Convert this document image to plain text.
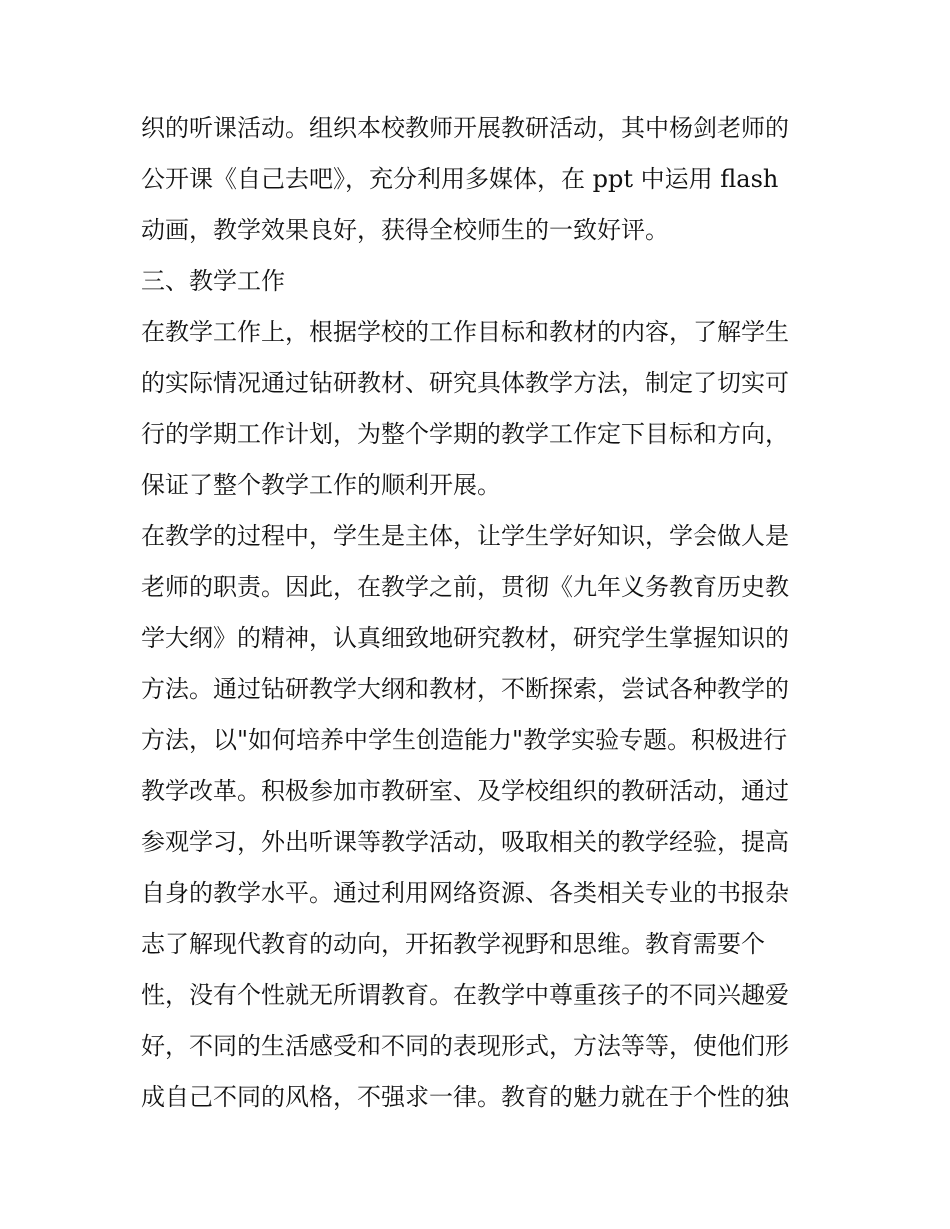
织的听课活动。组织本校教师开展教研活动，其中杨剑老师的
公开课《自己去吧》，充分利用多媒体，在 ppt 中运用 flash
动画，教学效果良好，获得全校师生的一致好评。
三、教学工作
在教学工作上，根据学校的工作目标和教材的内容，了解学生
的实际情况通过钻研教材、研究具体教学方法，制定了切实可
行的学期工作计划，为整个学期的教学工作定下目标和方向，
保证了整个教学工作的顺利开展。
在教学的过程中，学生是主体，让学生学好知识，学会做人是
老师的职责。因此，在教学之前，贯彻《九年义务教育历史教
学大纲》的精神，认真细致地研究教材，研究学生掌握知识的
方法。通过钻研教学大纲和教材，不断探索，尝试各种教学的
方法，以"如何培养中学生创造能力"教学实验专题。积极进行
教学改革。积极参加市教研室、及学校组织的教研活动，通过
参观学习，外出听课等教学活动，吸取相关的教学经验，提高
自身的教学水平。通过利用网络资源、各类相关专业的书报杂
志了解现代教育的动向，开拓教学视野和思维。教育需要个
性，没有个性就无所谓教育。在教学中尊重孩子的不同兴趣爱
好，不同的生活感受和不同的表现形式，方法等等，使他们形
成自己不同的风格，不强求一律。教育的魅力就在于个性的独
